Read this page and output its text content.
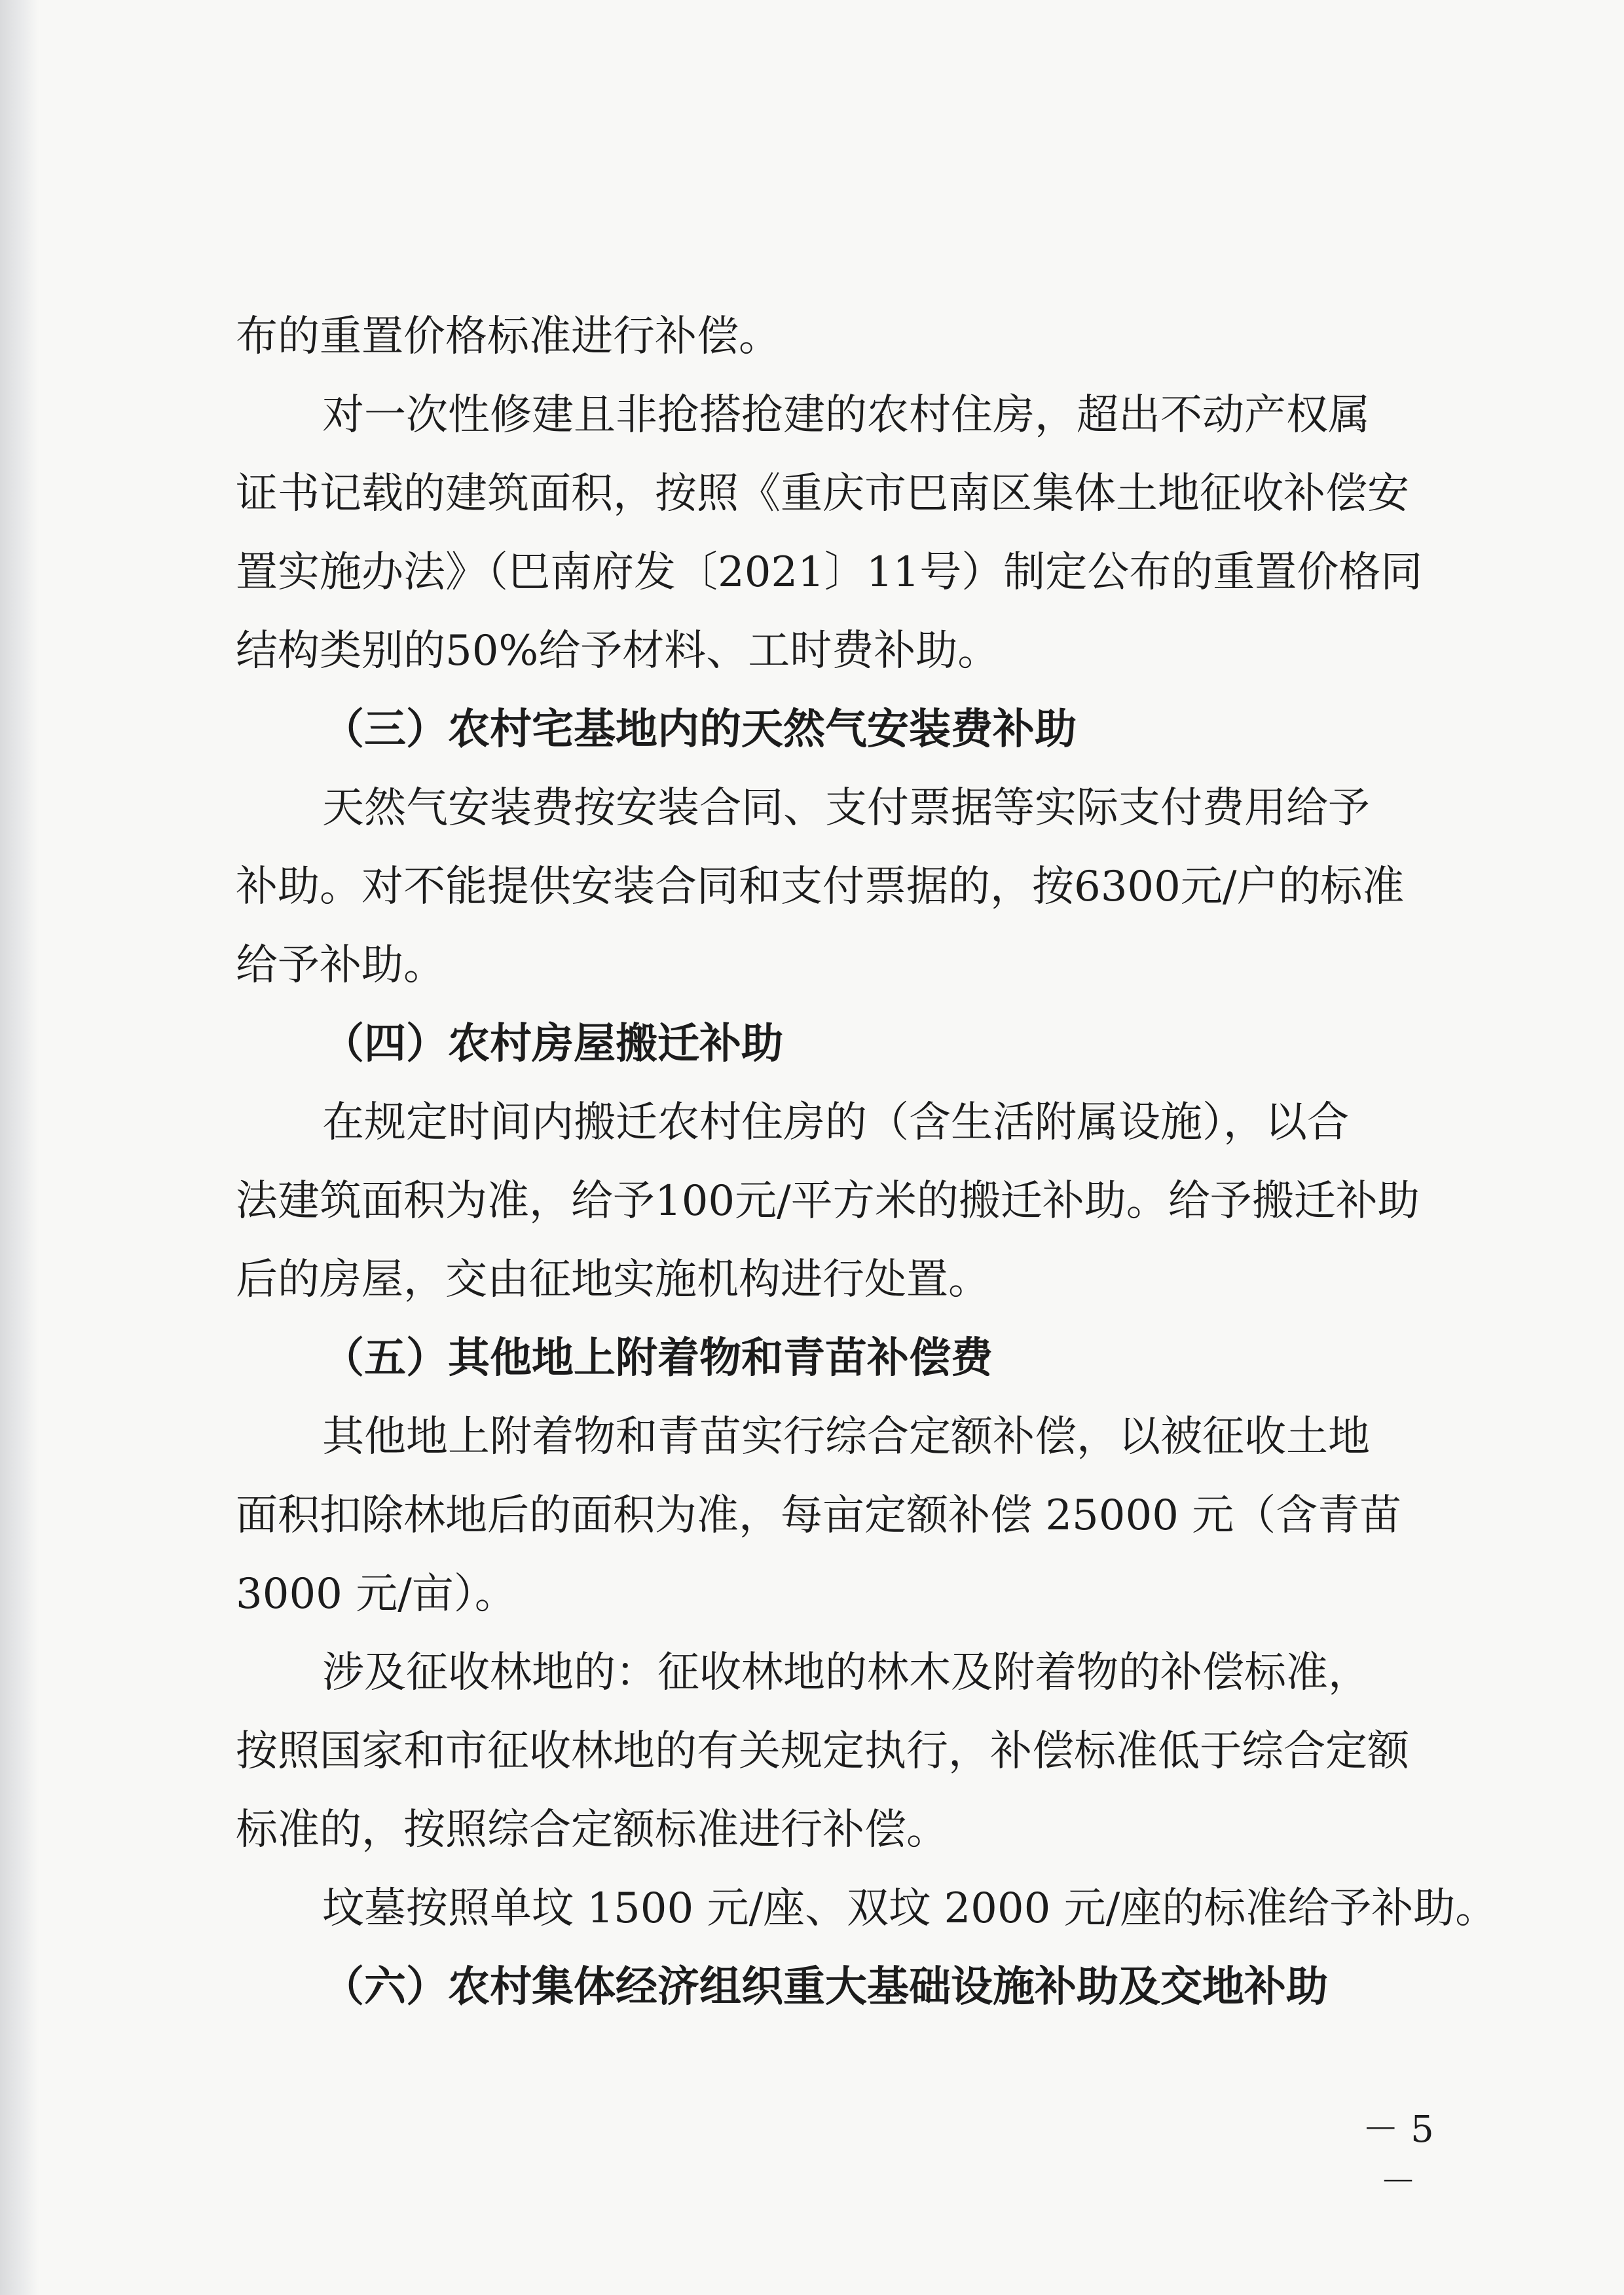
布的重置价格标准进行补偿。
对一次性修建且非抢搭抢建的农村住房，超出不动产权属
证书记载的建筑面积，按照《重庆市巴南区集体土地征收补偿安
置实施办法》（巴南府发〔2021〕11号）制定公布的重置价格同
结构类别的50%给予材料、工时费补助。
（三）农村宅基地内的天然气安装费补助
天然气安装费按安装合同、支付票据等实际支付费用给予
补助。对不能提供安装合同和支付票据的，按6300元/户的标准
给予补助。
（四）农村房屋搬迁补助
在规定时间内搬迁农村住房的（含生活附属设施），以合
法建筑面积为准，给予100元/平方米的搬迁补助。给予搬迁补助
后的房屋，交由征地实施机构进行处置。
（五）其他地上附着物和青苗补偿费
其他地上附着物和青苗实行综合定额补偿，以被征收土地
面积扣除林地后的面积为准，每亩定额补偿 25000 元（含青苗
3000 元/亩）。
涉及征收林地的：征收林地的林木及附着物的补偿标准，
按照国家和市征收林地的有关规定执行，补偿标准低于综合定额
标准的，按照综合定额标准进行补偿。
坟墓按照单坟 1500 元/座、双坟 2000 元/座的标准给予补助。
（六）农村集体经济组织重大基础设施补助及交地补助
－ 5 －
